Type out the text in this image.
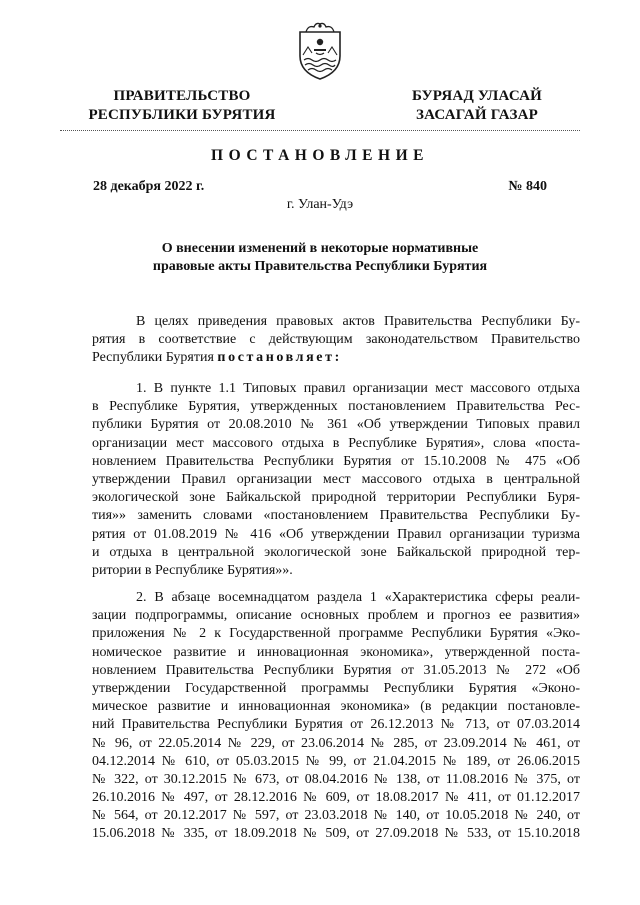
ПРАВИТЕЛЬСТВО
РЕСПУБЛИКИ БУРЯТИЯ
БУРЯАД УЛАСАЙ
ЗАСАГАЙ ГАЗАР
ПОСТАНОВЛЕНИЕ
28 декабря 2022 г.	№ 840
г. Улан-Удэ
О внесении изменений в некоторые нормативные
правовые акты Правительства Республики Бурятия
В целях приведения правовых актов Правительства Республики Бу-
рятия в соответствие с действующим законодательством Правительство
Республики Бурятия постановляет:
1. В пункте 1.1 Типовых правил организации мест массового отдыха
в Республике Бурятия, утвержденных постановлением Правительства Рес-
публики Бурятия от 20.08.2010 № 361 «Об утверждении Типовых правил
организации мест массового отдыха в Республике Бурятия», слова «поста-
новлением Правительства Республики Бурятия от 15.10.2008 № 475 «Об
утверждении Правил организации мест массового отдыха в центральной
экологической зоне Байкальской природной территории Республики Буря-
тия»» заменить словами «постановлением Правительства Республики Бу-
рятия от 01.08.2019 № 416 «Об утверждении Правил организации туризма
и отдыха в центральной экологической зоне Байкальской природной тер-
ритории в Республике Бурятия»».
2. В абзаце восемнадцатом раздела 1 «Характеристика сферы реали-
зации подпрограммы, описание основных проблем и прогноз ее развития»
приложения № 2 к Государственной программе Республики Бурятия «Эко-
номическое развитие и инновационная экономика», утвержденной поста-
новлением Правительства Республики Бурятия от 31.05.2013 № 272 «Об
утверждении Государственной программы Республики Бурятия «Эконо-
мическое развитие и инновационная экономика» (в редакции постановле-
ний Правительства Республики Бурятия от 26.12.2013 № 713, от 07.03.2014
№ 96, от 22.05.2014 № 229, от 23.06.2014 № 285, от 23.09.2014 № 461, от
04.12.2014 № 610, от 05.03.2015 № 99, от 21.04.2015 № 189, от 26.06.2015
№ 322, от 30.12.2015 № 673, от 08.04.2016 № 138, от 11.08.2016 № 375, от
26.10.2016 № 497, от 28.12.2016 № 609, от 18.08.2017 № 411, от 01.12.2017
№ 564, от 20.12.2017 № 597, от 23.03.2018 № 140, от 10.05.2018 № 240, от
15.06.2018 № 335, от 18.09.2018 № 509, от 27.09.2018 № 533, от 15.10.2018
